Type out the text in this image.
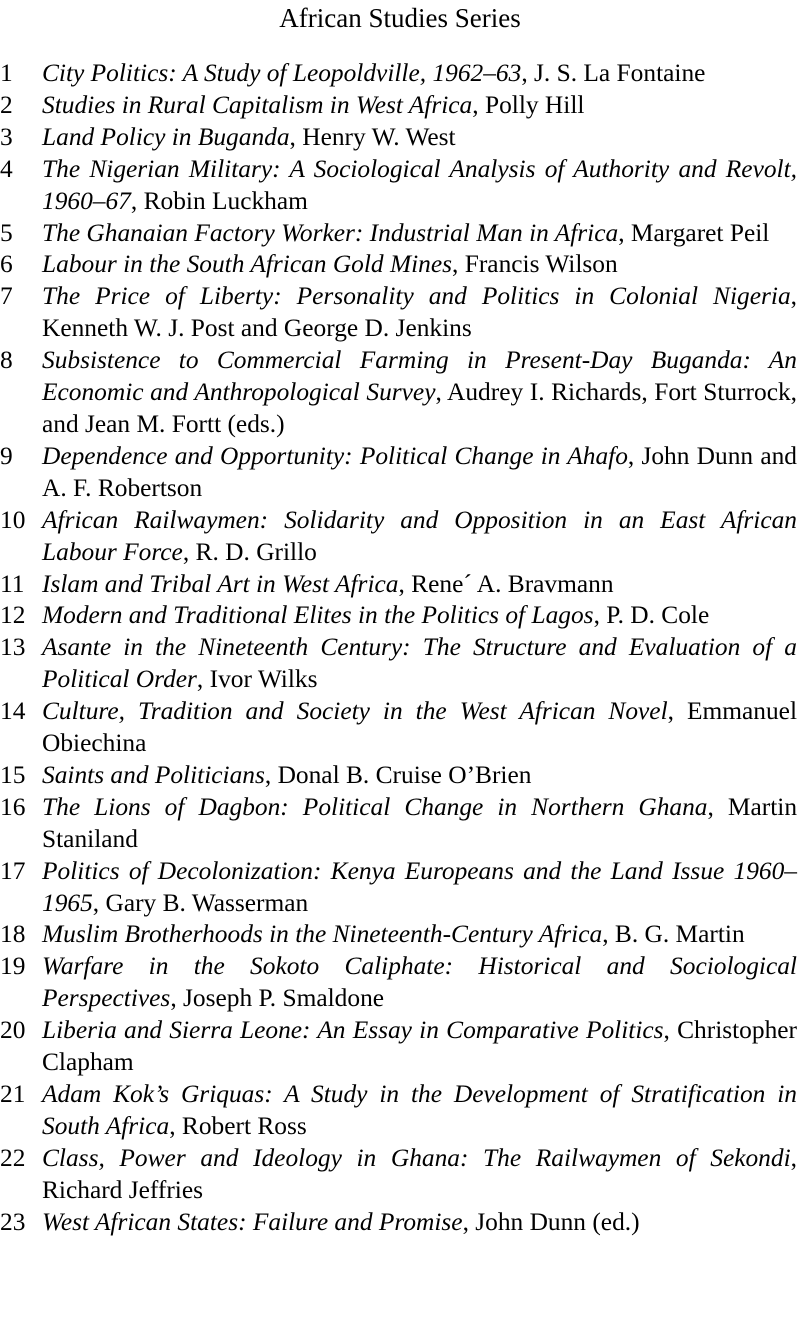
African Studies Series
1	City Politics: A Study of Leopoldville, 1962–63, J. S. La Fontaine
2	Studies in Rural Capitalism in West Africa, Polly Hill
3	Land Policy in Buganda, Henry W. West
4	The Nigerian Military: A Sociological Analysis of Authority and Revolt, 1960–67, Robin Luckham
5	The Ghanaian Factory Worker: Industrial Man in Africa, Margaret Peil
6	Labour in the South African Gold Mines, Francis Wilson
7	The Price of Liberty: Personality and Politics in Colonial Nigeria, Kenneth W. J. Post and George D. Jenkins
8	Subsistence to Commercial Farming in Present-Day Buganda: An Economic and Anthropological Survey, Audrey I. Richards, Fort Sturrock, and Jean M. Fortt (eds.)
9	Dependence and Opportunity: Political Change in Ahafo, John Dunn and A. F. Robertson
10 African Railwaymen: Solidarity and Opposition in an East African Labour Force, R. D. Grillo
11 Islam and Tribal Art in West Africa, Rene´ A. Bravmann
12 Modern and Traditional Elites in the Politics of Lagos, P. D. Cole
13 Asante in the Nineteenth Century: The Structure and Evaluation of a Political Order, Ivor Wilks
14 Culture, Tradition and Society in the West African Novel, Emmanuel Obiechina
15 Saints and Politicians, Donal B. Cruise O’Brien
16 The Lions of Dagbon: Political Change in Northern Ghana, Martin Staniland
17 Politics of Decolonization: Kenya Europeans and the Land Issue 1960–1965, Gary B. Wasserman
18 Muslim Brotherhoods in the Nineteenth-Century Africa, B. G. Martin
19 Warfare in the Sokoto Caliphate: Historical and Sociological Perspectives, Joseph P. Smaldone
20 Liberia and Sierra Leone: An Essay in Comparative Politics, Christopher Clapham
21 Adam Kok’s Griquas: A Study in the Development of Stratification in South Africa, Robert Ross
22 Class, Power and Ideology in Ghana: The Railwaymen of Sekondi, Richard Jeffries
23 West African States: Failure and Promise, John Dunn (ed.)
